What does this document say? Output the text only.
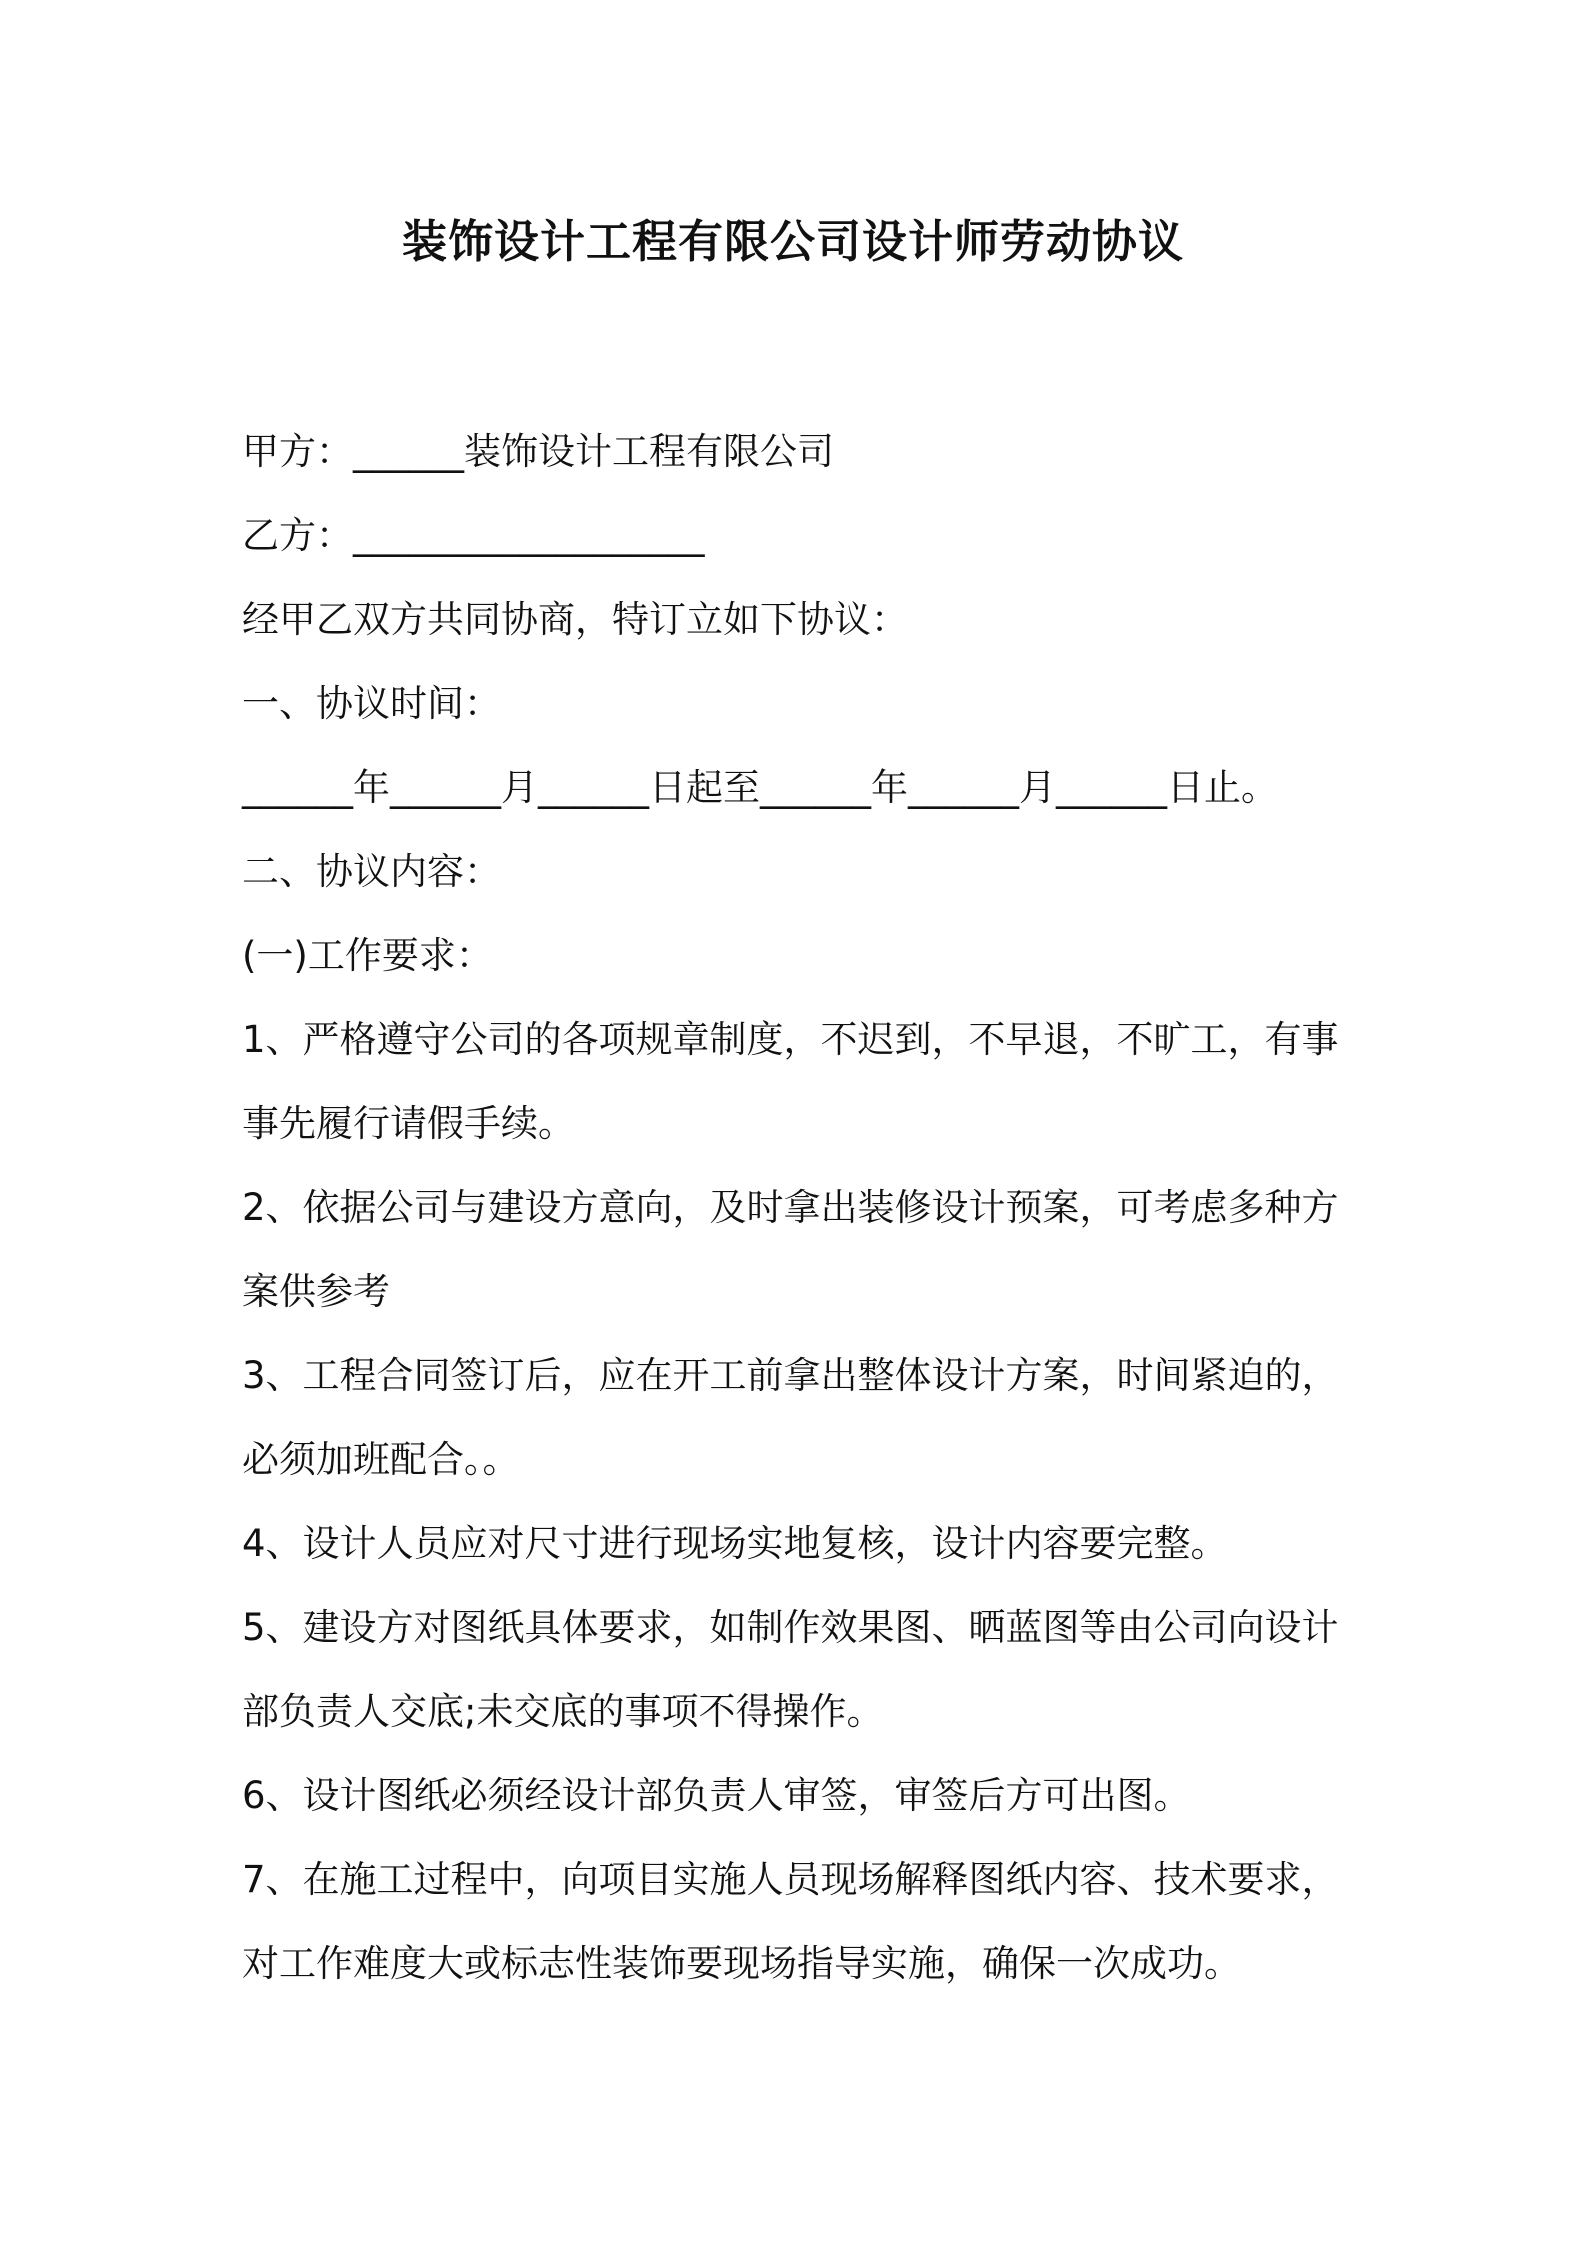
装饰设计工程有限公司设计师劳动协议

甲方：______装饰设计工程有限公司

乙方：___________________

经甲乙双方共同协商，特订立如下协议：

一、协议时间：

______年______月______日起至______年______月______日止。

二、协议内容：

(一)工作要求：

1、严格遵守公司的各项规章制度，不迟到，不早退，不旷工，有事

事先履行请假手续。

2、依据公司与建设方意向，及时拿出装修设计预案，可考虑多种方

案供参考

3、工程合同签订后，应在开工前拿出整体设计方案，时间紧迫的，

必须加班配合。。

4、设计人员应对尺寸进行现场实地复核，设计内容要完整。

5、建设方对图纸具体要求，如制作效果图、晒蓝图等由公司向设计

部负责人交底;未交底的事项不得操作。

6、设计图纸必须经设计部负责人审签，审签后方可出图。

7、在施工过程中，向项目实施人员现场解释图纸内容、技术要求，

对工作难度大或标志性装饰要现场指导实施，确保一次成功。
